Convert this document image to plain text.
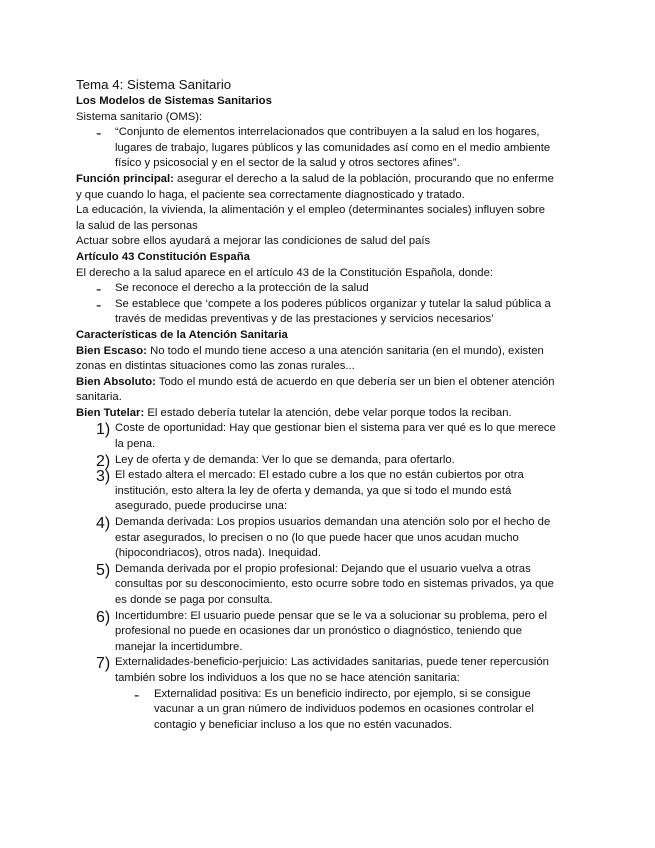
Tema 4: Sistema Sanitario
Los Modelos de Sistemas Sanitarios
Sistema sanitario (OMS):
- “Conjunto de elementos interrelacionados que contribuyen a la salud en los hogares,
lugares de trabajo, lugares públicos y las comunidades así como en el medio ambiente
físico y psicosocial y en el sector de la salud y otros sectores afines”.
Función principal: asegurar el derecho a la salud de la población, procurando que no enferme
y que cuando lo haga, el paciente sea correctamente diagnosticado y tratado.
La educación, la vivienda, la alimentación y el empleo (determinantes sociales) influyen sobre
la salud de las personas
Actuar sobre ellos ayudará a mejorar las condiciones de salud del país
Artículo 43 Constitución España
El derecho a la salud aparece en el artículo 43 de la Constitución Española, donde:
- Se reconoce el derecho a la protección de la salud
- Se establece que ‘compete a los poderes públicos organizar y tutelar la salud pública a
través de medidas preventivas y de las prestaciones y servicios necesarios’
Características de la Atención Sanitaria
Bien Escaso: No todo el mundo tiene acceso a una atención sanitaria (en el mundo), existen
zonas en distintas situaciones como las zonas rurales...
Bien Absoluto: Todo el mundo está de acuerdo en que debería ser un bien el obtener atención
sanitaria.
Bien Tutelar: El estado debería tutelar la atención, debe velar porque todos la reciban.
1) Coste de oportunidad: Hay que gestionar bien el sistema para ver qué es lo que merece
la pena.
2) Ley de oferta y de demanda: Ver lo que se demanda, para ofertarlo.
3) El estado altera el mercado: El estado cubre a los que no están cubiertos por otra
institución, esto altera la ley de oferta y demanda, ya que si todo el mundo está
asegurado, puede producirse una:
4) Demanda derivada: Los propios usuarios demandan una atención solo por el hecho de
estar asegurados, lo precisen o no (lo que puede hacer que unos acudan mucho
(hipocondriacos), otros nada). Inequidad.
5) Demanda derivada por el propio profesional: Dejando que el usuario vuelva a otras
consultas por su desconocimiento, esto ocurre sobre todo en sistemas privados, ya que
es donde se paga por consulta.
6) Incertidumbre: El usuario puede pensar que se le va a solucionar su problema, pero el
profesional no puede en ocasiones dar un pronóstico o diagnóstico, teniendo que
manejar la incertidumbre.
7) Externalidades-beneficio-perjuicio: Las actividades sanitarias, puede tener repercusión
también sobre los individuos a los que no se hace atención sanitaria:
- Externalidad positiva: Es un beneficio indirecto, por ejemplo, si se consigue
vacunar a un gran número de individuos podemos en ocasiones controlar el
contagio y beneficiar incluso a los que no estén vacunados.
